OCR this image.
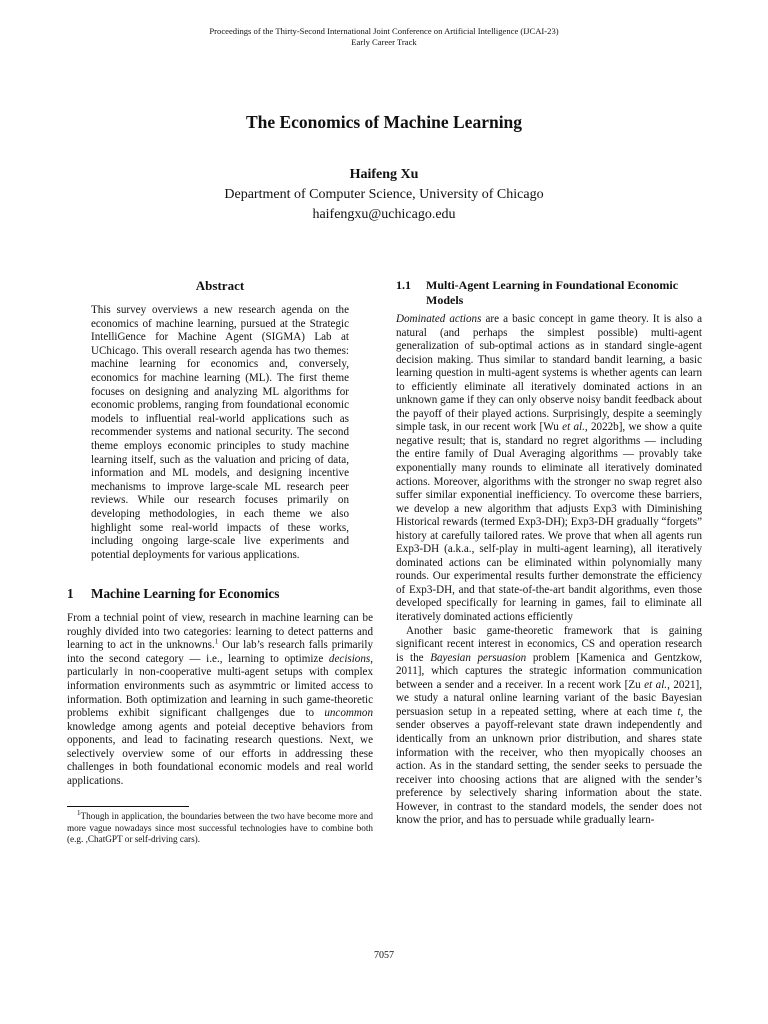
Proceedings of the Thirty-Second International Joint Conference on Artificial Intelligence (IJCAI-23)
Early Career Track
The Economics of Machine Learning
Haifeng Xu
Department of Computer Science, University of Chicago
haifengxu@uchicago.edu
Abstract

This survey overviews a new research agenda on the economics of machine learning, pursued at the Strategic IntelliGence for Machine Agent (SIGMA) Lab at UChicago. This overall research agenda has two themes: machine learning for economics and, conversely, economics for machine learning (ML). The first theme focuses on designing and analyzing ML algorithms for economic problems, ranging from foundational economic models to influential real-world applications such as recommender systems and national security. The second theme employs economic principles to study machine learning itself, such as the valuation and pricing of data, information and ML models, and designing incentive mechanisms to improve large-scale ML research peer reviews. While our research focuses primarily on developing methodologies, in each theme we also highlight some real-world impacts of these works, including ongoing large-scale live experiments and potential deployments for various applications.

1	Machine Learning for Economics

From a technial point of view, research in machine learning can be roughly divided into two categories: learning to detect patterns and learning to act in the unknowns.$^1$ Our lab’s research falls primarily into the second category — i.e., learning to optimize decisions, particularly in non-cooperative multi-agent setups with complex information environments such as asymmtric or limited access to information. Both optimization and learning in such game-theoretic problems exhibit significant challgenges due to uncommon knowledge among agents and poteial deceptive behaviors from opponents, and lead to facinating research questions. Next, we selectively overview some of our efforts in addressing these challenges in both foundational economic models and real world applications.

$^1$Though in application, the boundaries between the two have become more and more vague nowadays since most successful technologies have to combine both (e.g. ,ChatGPT or self-driving cars).

1.1	Multi-Agent Learning in Foundational Economic Models

Dominated actions are a basic concept in game theory. It is also a natural (and perhaps the simplest possible) multi-agent generalization of sub-optimal actions as in standard single-agent decision making. Thus similar to standard bandit learning, a basic learning question in multi-agent systems is whether agents can learn to efficiently eliminate all iteratively dominated actions in an unknown game if they can only observe noisy bandit feedback about the payoff of their played actions. Surprisingly, despite a seemingly simple task, in our recent work [Wu et al., 2022b], we show a quite negative result; that is, standard no regret algorithms — including the entire family of Dual Averaging algorithms — provably take exponentially many rounds to eliminate all iteratively dominated actions. Moreover, algorithms with the stronger no swap regret also suffer similar exponential inefficiency. To overcome these barriers, we develop a new algorithm that adjusts Exp3 with Diminishing Historical rewards (termed Exp3-DH); Exp3-DH gradually “forgets” history at carefully tailored rates. We prove that when all agents run Exp3-DH (a.k.a., self-play in multi-agent learning), all iteratively dominated actions can be eliminated within polynomially many rounds. Our experimental results further demonstrate the efficiency of Exp3-DH, and that state-of-the-art bandit algorithms, even those developed specifically for learning in games, fail to eliminate all iteratively dominated actions efficiently

Another basic game-theoretic framework that is gaining significant recent interest in economics, CS and operation research is the Bayesian persuasion problem [Kamenica and Gentzkow, 2011], which captures the strategic information communication between a sender and a receiver. In a recent work [Zu et al., 2021], we study a natural online learning variant of the basic Bayesian persuasion setup in a repeated setting, where at each time t, the sender observes a payoff-relevant state drawn independently and identically from an unknown prior distribution, and shares state information with the receiver, who then myopically chooses an action. As in the standard setting, the sender seeks to persuade the receiver into choosing actions that are aligned with the sender’s preference by selectively sharing information about the state. However, in contrast to the standard models, the sender does not know the prior, and has to persuade while gradually learn-

7057
